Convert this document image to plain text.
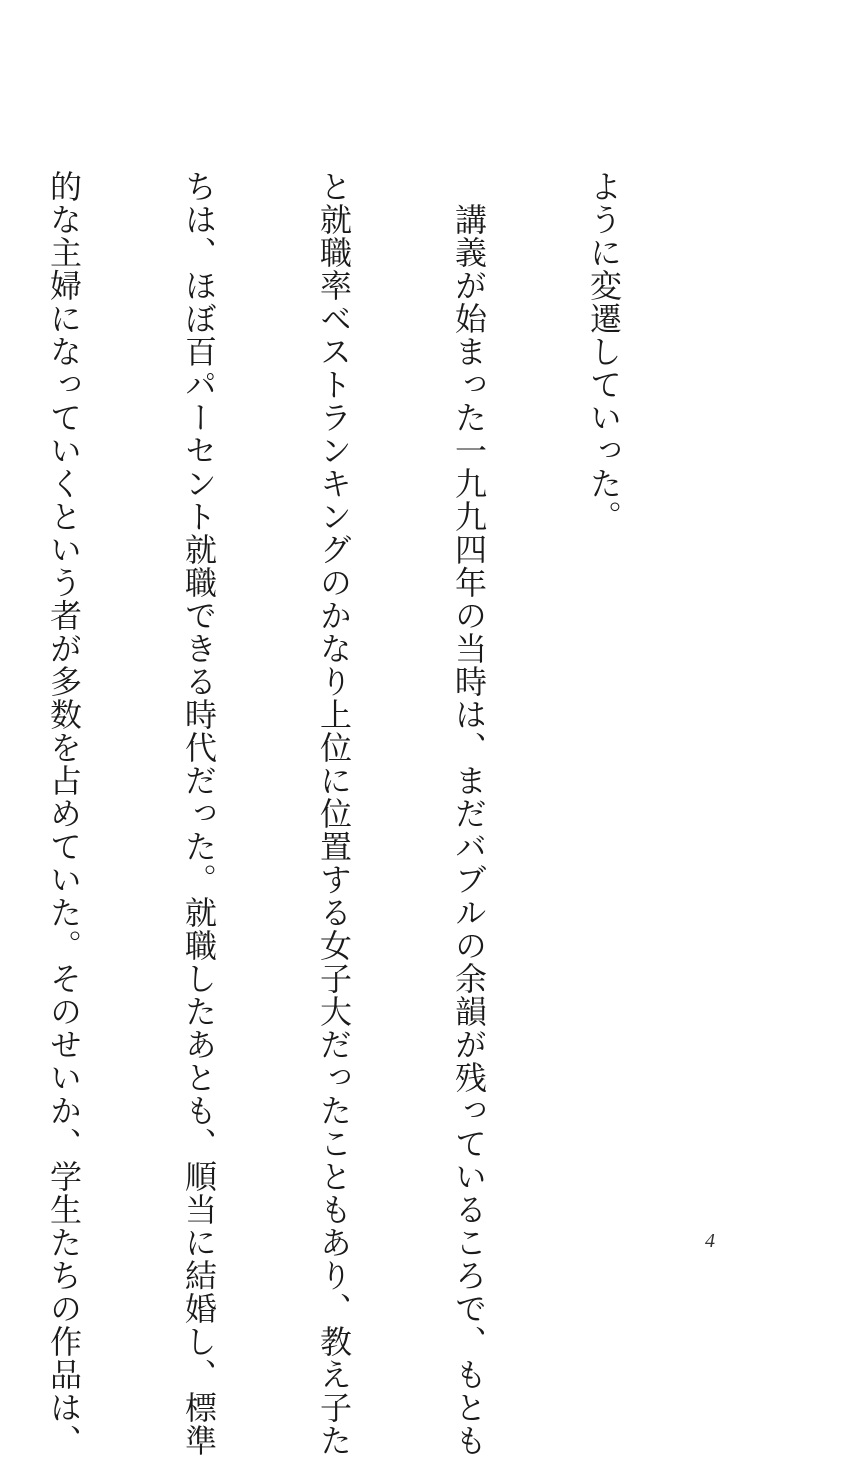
ように変遷していった。

　講義が始まった一九九四年の当時は、まだバブルの余韻が残っているころで、もとも

と就職率ベストランキングのかなり上位に位置する女子大だったこともあり、教え子た

ちは、ほぼ百パーセント就職できる時代だった。就職したあとも、順当に結婚し、標準

的な主婦になっていくという者が多数を占めていた。そのせいか、学生たちの作品は、

	4
